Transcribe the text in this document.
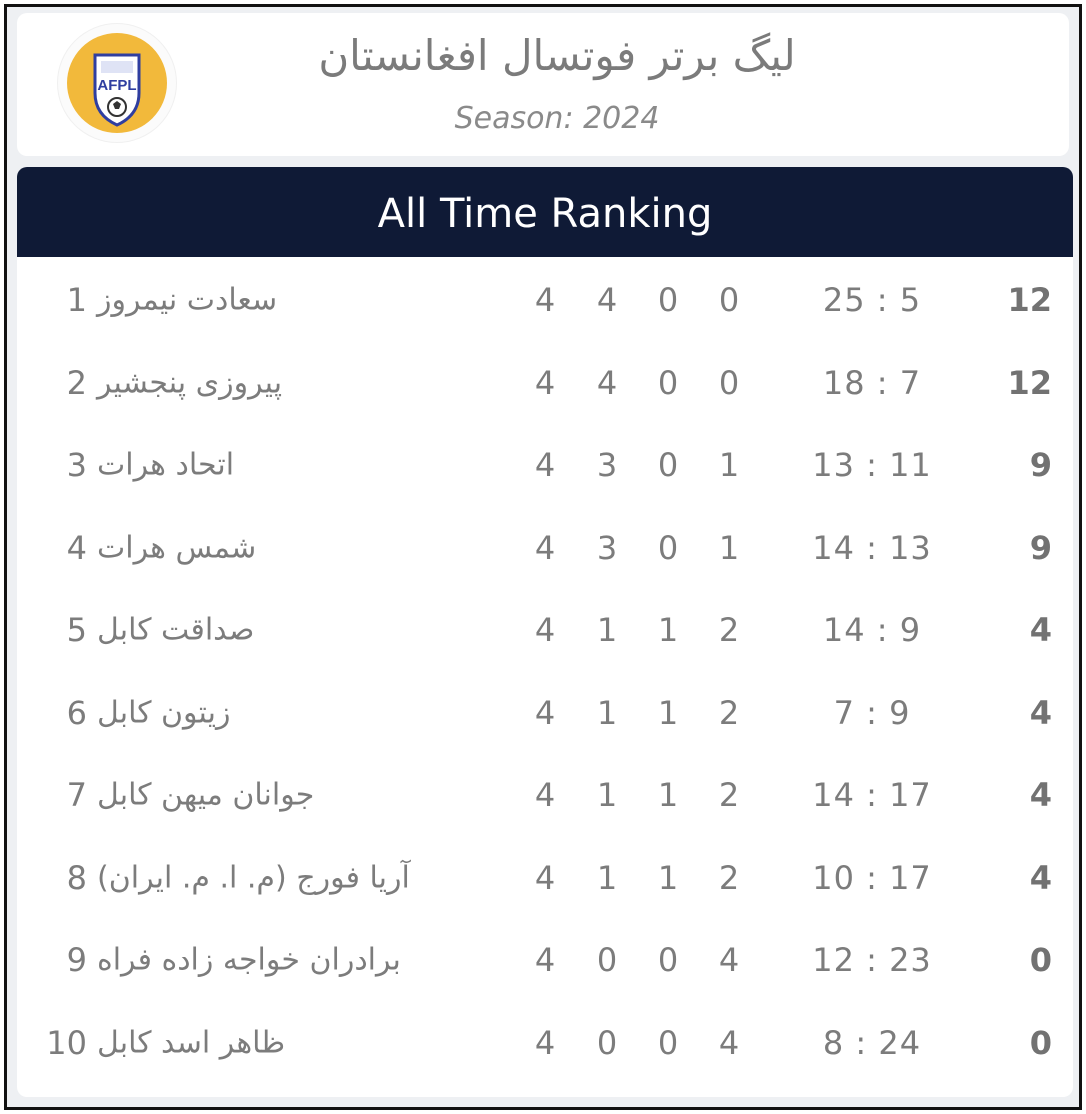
AFPL
لیگ برتر فوتسال افغانستان
Season: 2024
All Time Ranking
1 سعادت نیمروز	4	4	0	0	25 : 5	12
2 پیروزی پنجشیر	4	4	0	0	18 : 7	12
3 اتحاد هرات	4	3	0	1	13 : 11	9
4 شمس هرات	4	3	0	1	14 : 13	9
5 صداقت کابل	4	1	1	2	14 : 9	4
6 زیتون کابل	4	1	1	2	7 : 9	4
7 جوانان میهن کابل	4	1	1	2	14 : 17	4
8 آریا فورج (م. ا. م. ایران)	4	1	1	2	10 : 17	4
9 برادران خواجه زاده فراه	4	0	0	4	12 : 23	0
10 ظاهر اسد کابل	4	0	0	4	8 : 24	0
